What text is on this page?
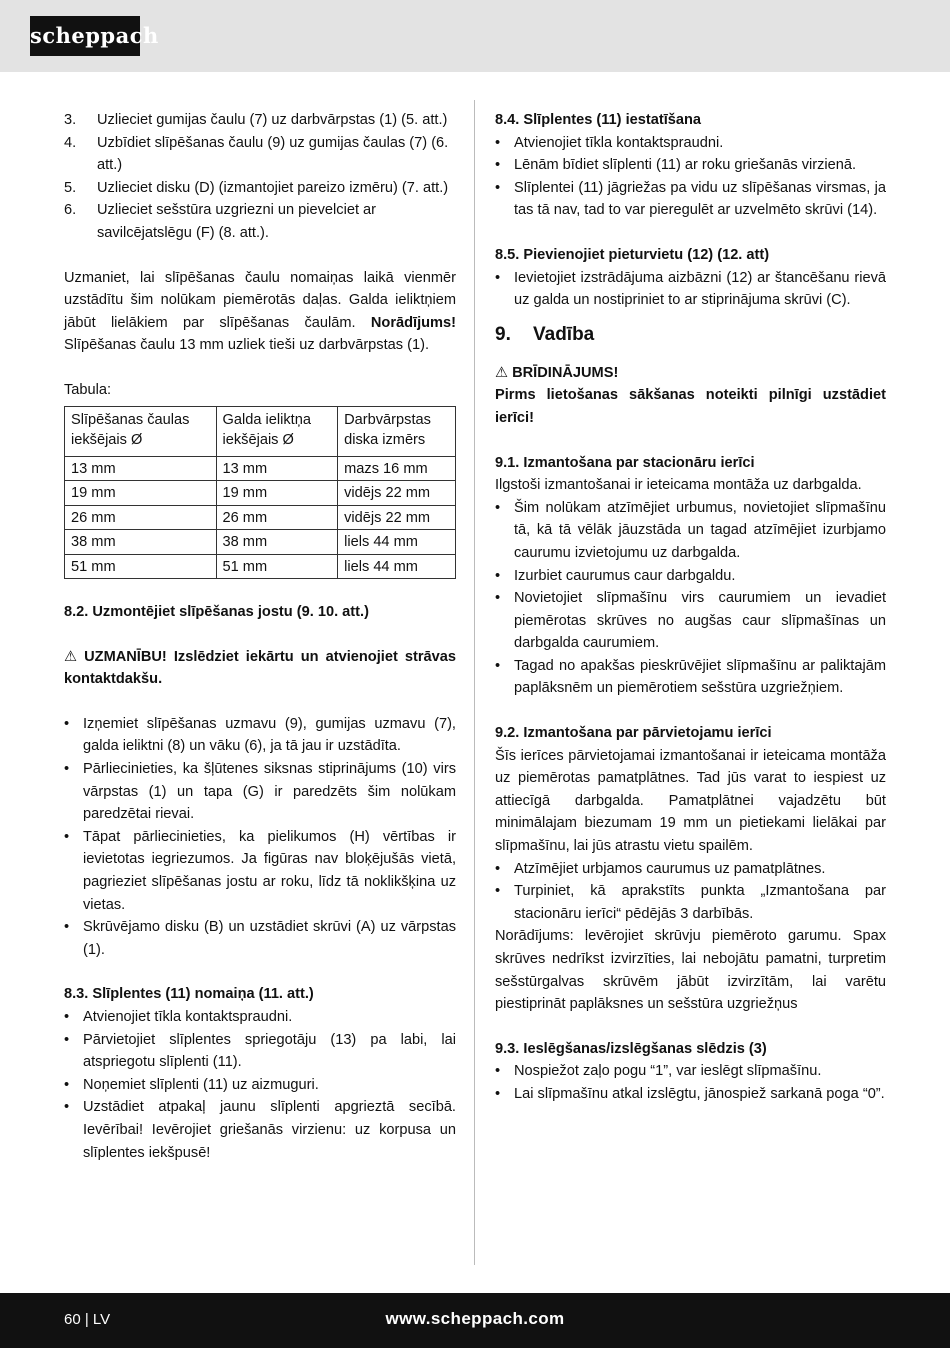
scheppach
3. Uzlieciet gumijas čaulu (7) uz darbvārpstas (1) (5. att.)
4. Uzbīdiet slīpēšanas čaulu (9) uz gumijas čaulas (7) (6. att.)
5. Uzlieciet disku (D) (izmantojiet pareizo izmēru) (7. att.)
6. Uzlieciet sešstūra uzgriezni un pievelciet ar savilcējatslēgu (F) (8. att.).

Uzmaniet, lai slīpēšanas čaulu nomaiņas laikā vienmēr uzstādītu šim nolūkam piemērotās daļas. Galda ieliktņiem jābūt lielākiem par slīpēšanas čaulām. Norādījums! Slīpēšanas čaulu 13 mm uzliek tieši uz darbvārpstas (1).

Tabula:

Slīpēšanas čaulas iekšējais Ø	Galda ieliktņa iekšējais Ø	Darbvārpstas diska izmērs
13 mm	13 mm	mazs 16 mm
19 mm	19 mm	vidējs 22 mm
26 mm	26 mm	vidējs 22 mm
38 mm	38 mm	liels 44 mm
51 mm	51 mm	liels 44 mm

8.2. Uzmontējiet slīpēšanas jostu (9. 10. att.)

⚠ UZMANĪBU! Izslēdziet iekārtu un atvienojiet strāvas kontaktdakšu.

• Izņemiet slīpēšanas uzmavu (9), gumijas uzmavu (7), galda ieliktni (8) un vāku (6), ja tā jau ir uzstādīta.
• Pārliecinieties, ka šļūtenes siksnas stiprinājums (10) virs vārpstas (1) un tapa (G) ir paredzēts šim nolūkam paredzētai rievai.
• Tāpat pārliecinieties, ka pielikumos (H) vērtības ir ievietotas iegriezumos. Ja figūras nav bloķējušās vietā, pagrieziet slīpēšanas jostu ar roku, līdz tā noklikšķina uz vietas.
• Skrūvējamo disku (B) un uzstādiet skrūvi (A) uz vārpstas (1).

8.3. Slīplentes (11) nomaiņa (11. att.)

• Atvienojiet tīkla kontaktspraudni.
• Pārvietojiet slīplentes spriegotāju (13) pa labi, lai atspriegotu slīplenti (11).
• Noņemiet slīplenti (11) uz aizmuguri.
• Uzstādiet atpakaļ jaunu slīplenti apgrieztā secībā. Ievērībai! Ievērojiet griešanās virzienu: uz korpusa un slīplentes iekšpusē!

8.4. Slīplentes (11) iestatīšana

• Atvienojiet tīkla kontaktspraudni.
• Lēnām bīdiet slīplenti (11) ar roku griešanās virzienā.
• Slīplentei (11) jāgriežas pa vidu uz slīpēšanas virsmas, ja tas tā nav, tad to var pieregulēt ar uzvelmēto skrūvi (14).

8.5. Pievienojiet pieturvietu (12) (12. att)

• Ievietojiet izstrādājuma aizbāzni (12) ar štancēšanu rievā uz galda un nostipriniet to ar stiprinājuma skrūvi (C).
9. Vadība

⚠ BRĪDINĀJUMS!

Pirms lietošanas sākšanas noteikti pilnīgi uzstādiet ierīci!

9.1. Izmantošana par stacionāru ierīci

Ilgstoši izmantošanai ir ieteicama montāža uz darbgalda.

• Šim nolūkam atzīmējiet urbumus, novietojiet slīpmašīnu tā, kā tā vēlāk jāuzstāda un tagad atzīmējiet izurbjamo caurumu izvietojumu uz darbgalda.
• Izurbiet caurumus caur darbgaldu.
• Novietojiet slīpmašīnu virs caurumiem un ievadiet piemērotas skrūves no augšas caur slīpmašīnas un darbgalda caurumiem.
• Tagad no apakšas pieskrūvējiet slīpmašīnu ar paliktajām paplāksnēm un piemērotiem sešstūra uzgriežņiem.

9.2. Izmantošana par pārvietojamu ierīci

Šīs ierīces pārvietojamai izmantošanai ir ieteicama montāža uz piemērotas pamatplātnes. Tad jūs varat to iespiest uz attiecīgā darbgalda. Pamatplātnei vajadzētu būt minimālajam biezumam 19 mm un pietiekami lielākai par slīpmašīnu, lai jūs atrastu vietu spailēm.

• Atzīmējiet urbjamos caurumus uz pamatplātnes.
• Turpiniet, kā aprakstīts punkta „Izmantošana par stacionāru ierīci“ pēdējās 3 darbībās.

Norādījums: levērojiet skrūvju piemēroto garumu. Spax skrūves nedrīkst izvirzīties, lai nebojātu pamatni, turpretim sešstūrgalvas skrūvēm jābūt izvirzītām, lai varētu piestiprināt paplāksnes un sešstūra uzgriežņus

9.3. Ieslēgšanas/izslēgšanas slēdzis (3)

• Nospiežot zaļo pogu “1”, var ieslēgt slīpmašīnu.
• Lai slīpmašīnu atkal izslēgtu, jānospiež sarkanā poga “0”.
60 | LV	www.scheppach.com
